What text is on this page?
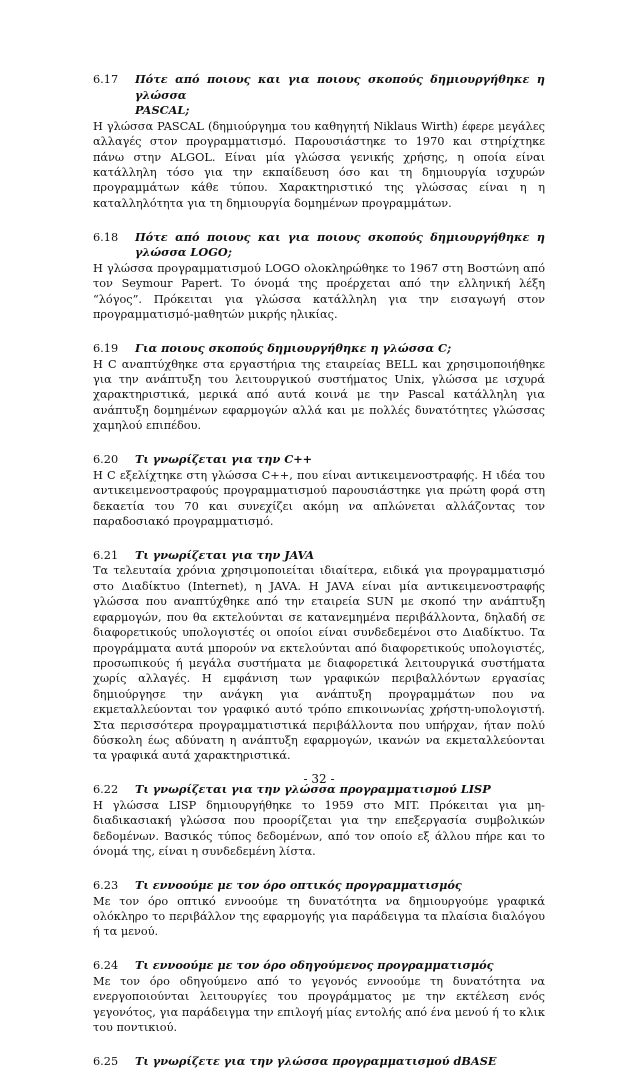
6.17	Πότε από ποιους και για ποιους σκοπούς δημιουργήθηκε η γλώσσα
PASCAL;

Η γλώσσα PASCAL (δημιούργημα του καθηγητή Niklaus Wirth) έφερε μεγάλες αλλαγές στον προγραμματισμό. Παρουσιάστηκε το 1970 και στηρίχτηκε πάνω στην ALGOL. Είναι μία γλώσσα γενικής χρήσης, η οποία είναι κατάλληλη τόσο για την εκπαίδευση όσο και τη δημιουργία ισχυρών προγραμμάτων κάθε τύπου. Χαρακτηριστικό της γλώσσας είναι η η καταλληλότητα για τη δημιουργία δομημένων προγραμμάτων.

6.18	Πότε από ποιους και για ποιους σκοπούς δημιουργήθηκε η γλώσσα LOGO;

Η γλώσσα προγραμματισμού LOGO ολοκληρώθηκε το 1967 στη Βοστώνη από τον Seymour Papert. Το όνομά της προέρχεται από την ελληνική λέξη “λόγος”. Πρόκειται για γλώσσα κατάλληλη για την εισαγωγή στον προγραμματισμό-μαθητών μικρής ηλικίας.

6.19	Για ποιους σκοπούς δημιουργήθηκε η γλώσσα C;

Η C αναπτύχθηκε στα εργαστήρια της εταιρείας BELL και χρησιμοποιήθηκε για την ανάπτυξη του λειτουργικού συστήματος Unix, γλώσσα με ισχυρά χαρακτηριστικά, μερικά από αυτά κοινά με την Pascal κατάλληλη για ανάπτυξη δομημένων εφαρμογών αλλά και με πολλές δυνατότητες γλώσσας χαμηλού επιπέδου.

6.20	Τι γνωρίζεται για την C++

Η C εξελίχτηκε στη γλώσσα C++, που είναι αντικειμενοστραφής. Η ιδέα του αντικειμενοστραφούς προγραμματισμού παρουσιάστηκε για πρώτη φορά στη δεκαετία του 70 και συνεχίζει ακόμη να απλώνεται αλλάζοντας τον παραδοσιακό προγραμματισμό.

6.21	Τι γνωρίζεται για την JAVA

Τα τελευταία χρόνια χρησιμοποιείται ιδιαίτερα, ειδικά για προγραμματισμό στο Διαδίκτυο (Internet), η JAVA. Η JAVA είναι μία αντικειμενοστραφής γλώσσα που αναπτύχθηκε από την εταιρεία SUN με σκοπό την ανάπτυξη εφαρμογών, που θα εκτελούνται σε κατανεμημένα περιβάλλοντα, δηλαδή σε διαφορετικούς υπολογιστές οι οποίοι είναι συνδεδεμένοι στο Διαδίκτυο. Τα προγράμματα αυτά μπορούν να εκτελούνται από διαφορετικούς υπολογιστές, προσωπικούς ή μεγάλα συστήματα με διαφορετικά λειτουργικά συστήματα χωρίς αλλαγές. Η εμφάνιση των γραφικών περιβαλλόντων εργασίας δημιούργησε την ανάγκη για ανάπτυξη προγραμμάτων που να εκμεταλλεύονται τον γραφικό αυτό τρόπο επικοινωνίας χρήστη-υπολογιστή. Στα περισσότερα προγραμματιστικά περιβάλλοντα που υπήρχαν, ήταν πολύ δύσκολη έως αδύνατη η ανάπτυξη εφαρμογών, ικανών να εκμεταλλεύονται τα γραφικά αυτά χαρακτηριστικά.

6.22	Τι γνωρίζεται για την γλώσσα προγραμματισμού LISP

Η γλώσσα LISP δημιουργήθηκε το 1959 στο MIT. Πρόκειται για μη-διαδικασιακή γλώσσα που προορίζεται για την επεξεργασία συμβολικών δεδομένων. Βασικός τύπος δεδομένων, από τον οποίο εξ άλλου πήρε και το όνομά της, είναι η συνδεδεμένη λίστα.

6.23	Τι εννοούμε με τον όρο οπτικός προγραμματισμός

Με τον όρο οπτικό εννοούμε τη δυνατότητα να δημιουργούμε γραφικά ολόκληρο το περιβάλλον της εφαρμογής για παράδειγμα τα πλαίσια διαλόγου ή τα μενού.

6.24	Τι εννοούμε με τον όρο οδηγούμενος προγραμματισμός

Με τον όρο οδηγούμενο από το γεγονός εννοούμε τη δυνατότητα να ενεργοποιούνται λειτουργίες του προγράμματος με την εκτέλεση ενός γεγονότος, για παράδειγμα την επιλογή μίας εντολής από ένα μενού ή το κλικ του ποντικιού.

6.25	Τι γνωρίζετε για την γλώσσα προγραμματισμού dBASE
- 32 -
